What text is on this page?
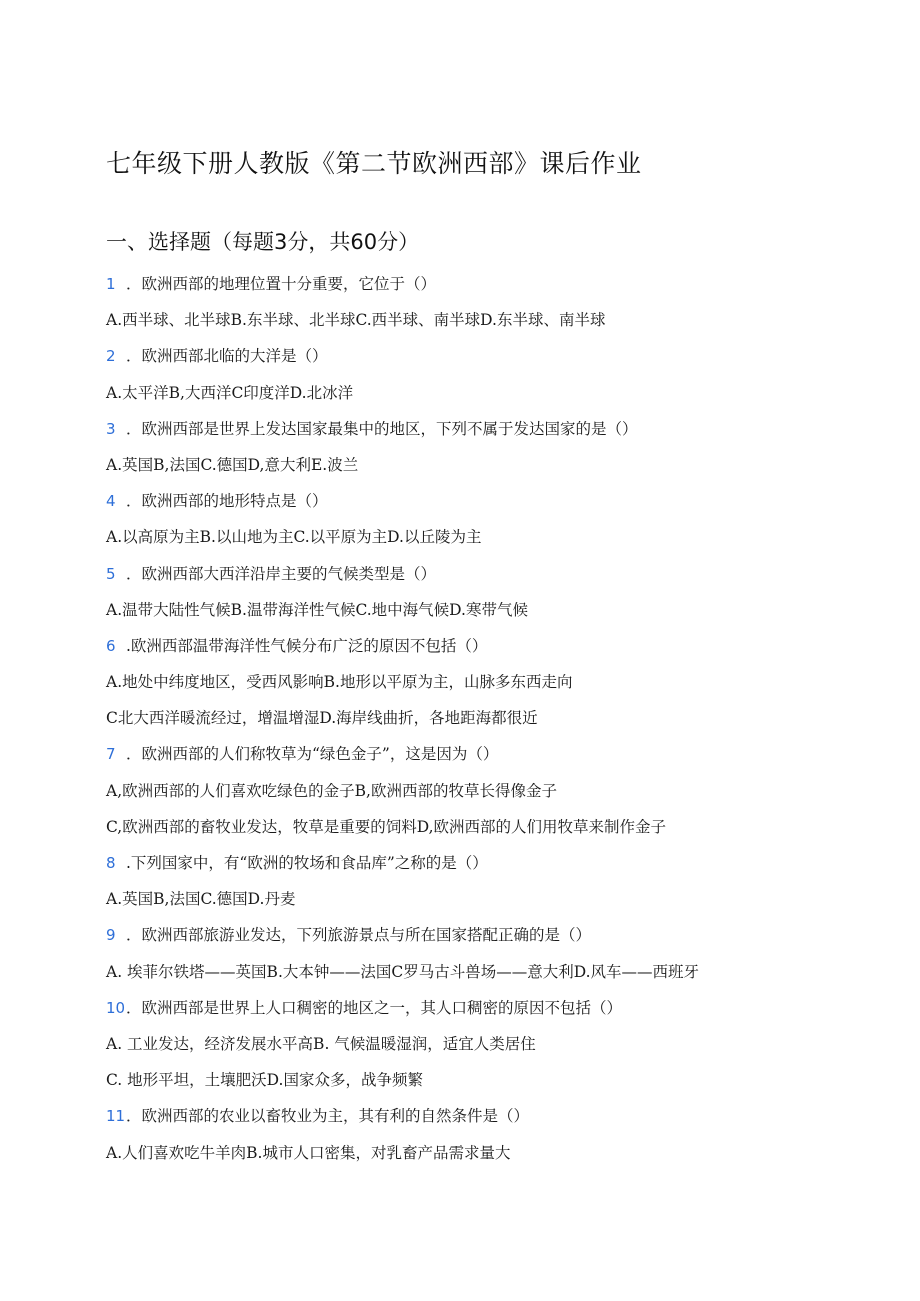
七年级下册人教版《第二节欧洲西部》课后作业
一、选择题（每题3分，共60分）
1 ．欧洲西部的地理位置十分重要，它位于（）
A.西半球、北半球B.东半球、北半球C.西半球、南半球D.东半球、南半球
2 ．欧洲西部北临的大洋是（）
A.太平洋B,大西洋C印度洋D.北冰洋
3 ．欧洲西部是世界上发达国家最集中的地区，下列不属于发达国家的是（）
A.英国B,法国C.德国D,意大利E.波兰
4 ．欧洲西部的地形特点是（）
A.以高原为主B.以山地为主C.以平原为主D.以丘陵为主
5 ．欧洲西部大西洋沿岸主要的气候类型是（）
A.温带大陆性气候B.温带海洋性气候C.地中海气候D.寒带气候
6 .欧洲西部温带海洋性气候分布广泛的原因不包括（）
A.地处中纬度地区，受西风影响B.地形以平原为主，山脉多东西走向
C北大西洋暖流经过，增温增湿D.海岸线曲折，各地距海都很近
7 ．欧洲西部的人们称牧草为“绿色金子”，这是因为（）
A,欧洲西部的人们喜欢吃绿色的金子B,欧洲西部的牧草长得像金子
C,欧洲西部的畜牧业发达，牧草是重要的饲料D,欧洲西部的人们用牧草来制作金子
8 .下列国家中，有“欧洲的牧场和食品库”之称的是（）
A.英国B,法国C.德国D.丹麦
9 ．欧洲西部旅游业发达，下列旅游景点与所在国家搭配正确的是（）
A. 埃菲尔铁塔——英国B.大本钟——法国C罗马古斗兽场——意大利D.风车——西班牙
10．欧洲西部是世界上人口稠密的地区之一，其人口稠密的原因不包括（）
A. 工业发达，经济发展水平高B. 气候温暖湿润，适宜人类居住
C. 地形平坦，土壤肥沃D.国家众多，战争频繁
11．欧洲西部的农业以畜牧业为主，其有利的自然条件是（）
A.人们喜欢吃牛羊肉B.城市人口密集，对乳畜产品需求量大
